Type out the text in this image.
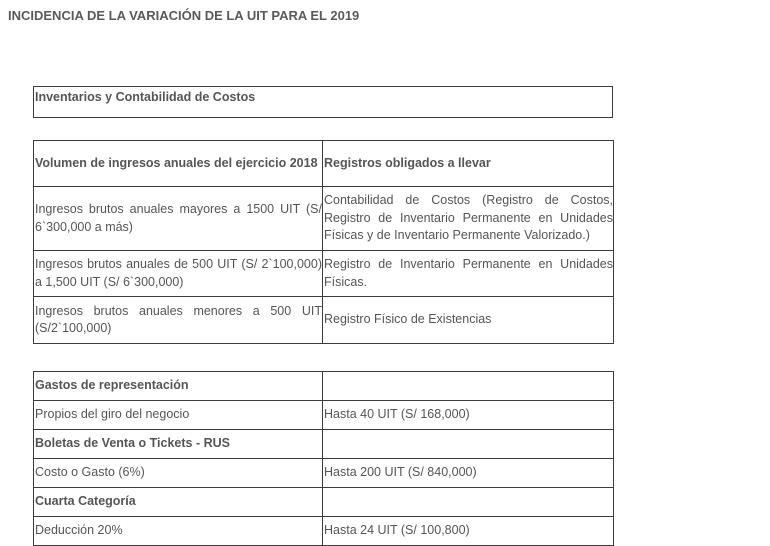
INCIDENCIA DE LA VARIACIÓN DE LA UIT PARA EL 2019
Inventarios y Contabilidad de Costos
Volumen de ingresos anuales del ejercicio 2018	Registros obligados a llevar
Ingresos brutos anuales mayores a 1500 UIT (S/ 6`300,000 a más)	Contabilidad de Costos (Registro de Costos, Registro de Inventario Permanente en Unidades Físicas y de Inventario Permanente Valorizado.)
Ingresos brutos anuales de 500 UIT (S/ 2`100,000) a 1,500 UIT (S/ 6`300,000)	Registro de Inventario Permanente en Unidades Físicas.
Ingresos brutos anuales menores a 500 UIT (S/2`100,000)	Registro Físico de Existencias
Gastos de representación	
Propios del giro del negocio	Hasta 40 UIT (S/ 168,000)
Boletas de Venta o Tickets - RUS	
Costo o Gasto (6%)	Hasta 200 UIT (S/ 840,000)
Cuarta Categoría	
Deducción 20%	Hasta 24 UIT (S/ 100,800)
